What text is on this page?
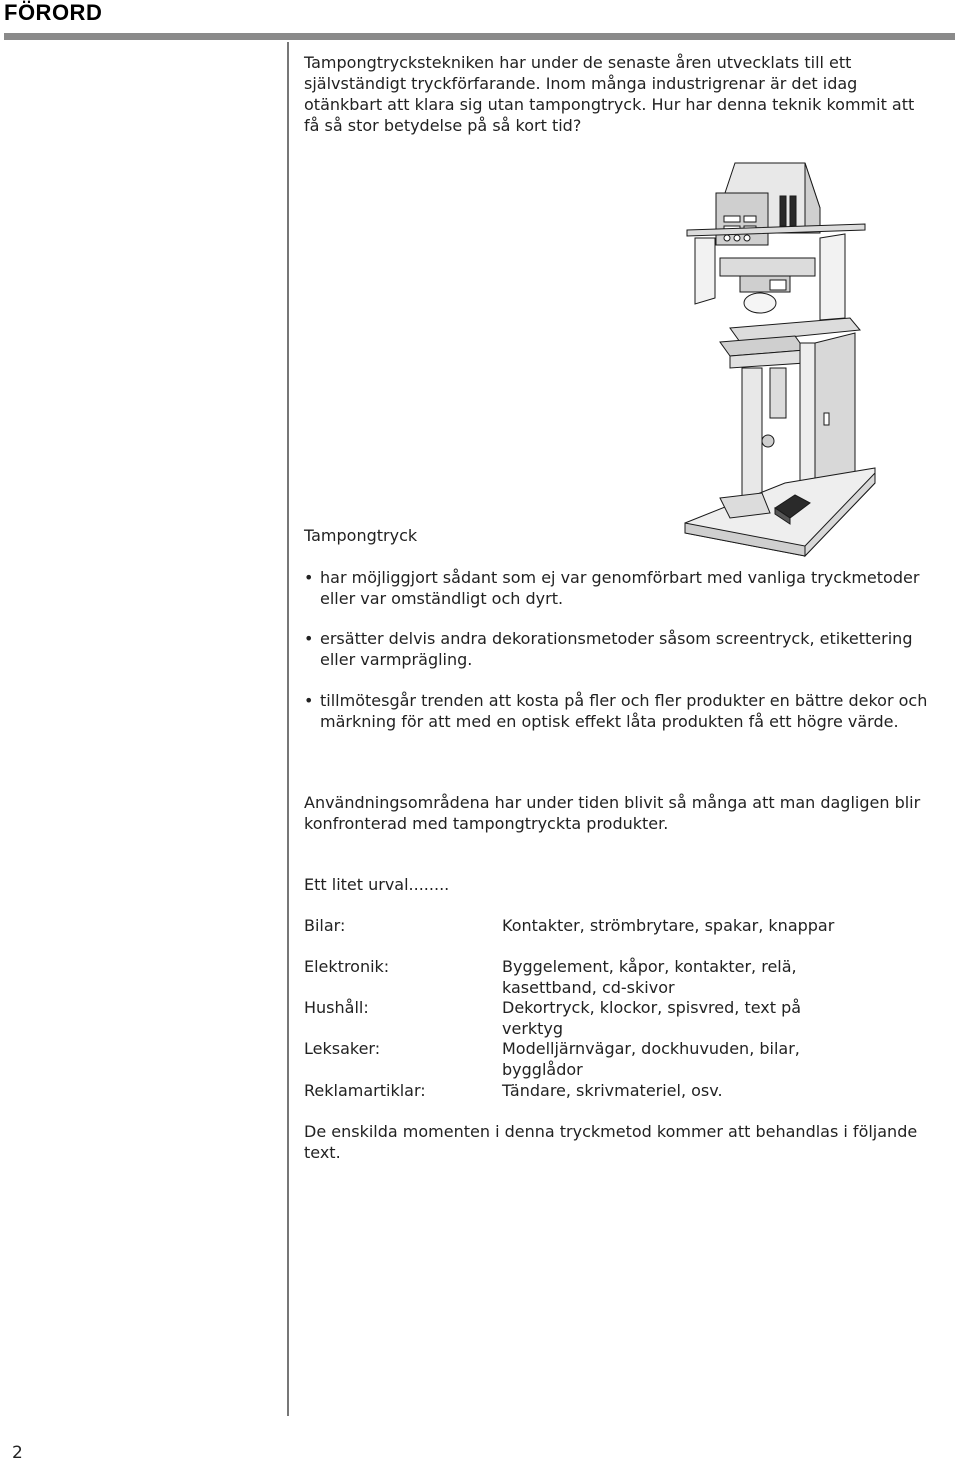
FÖRORD

Tampongtryckstekniken har under de senaste åren utvecklats till ett självständigt tryckförfarande. Inom många industrigrenar är det idag otänkbart att klara sig utan tampongtryck. Hur har denna teknik kommit att få så stor betydelse på så kort tid?

Tampongtryck

• har möjliggjort sådant som ej var genomförbart med vanliga tryckmetoder eller var omständligt och dyrt.
• ersätter delvis andra dekorationsmetoder såsom screentryck, etikettering eller varmprägling.
• tillmötesgår trenden att kosta på fler och fler produkter en bättre dekor och märkning för att med en optisk effekt låta produkten få ett högre värde.

Användningsområdena har under tiden blivit så många att man dagligen blir konfronterad med tampongtryckta produkter.

Ett litet urval........

Bilar:	Kontakter, strömbrytare, spakar, knappar
Elektronik:	Byggelement, kåpor, kontakter, relä, kasettband, cd-skivor
Hushåll:	Dekortryck, klockor, spisvred, text på verktyg
Leksaker:	Modelljärnvägar, dockhuvuden, bilar, bygglådor
Reklamartiklar:	Tändare, skrivmateriel, osv.

De enskilda momenten i denna tryckmetod kommer att behandlas i följande text.

2
